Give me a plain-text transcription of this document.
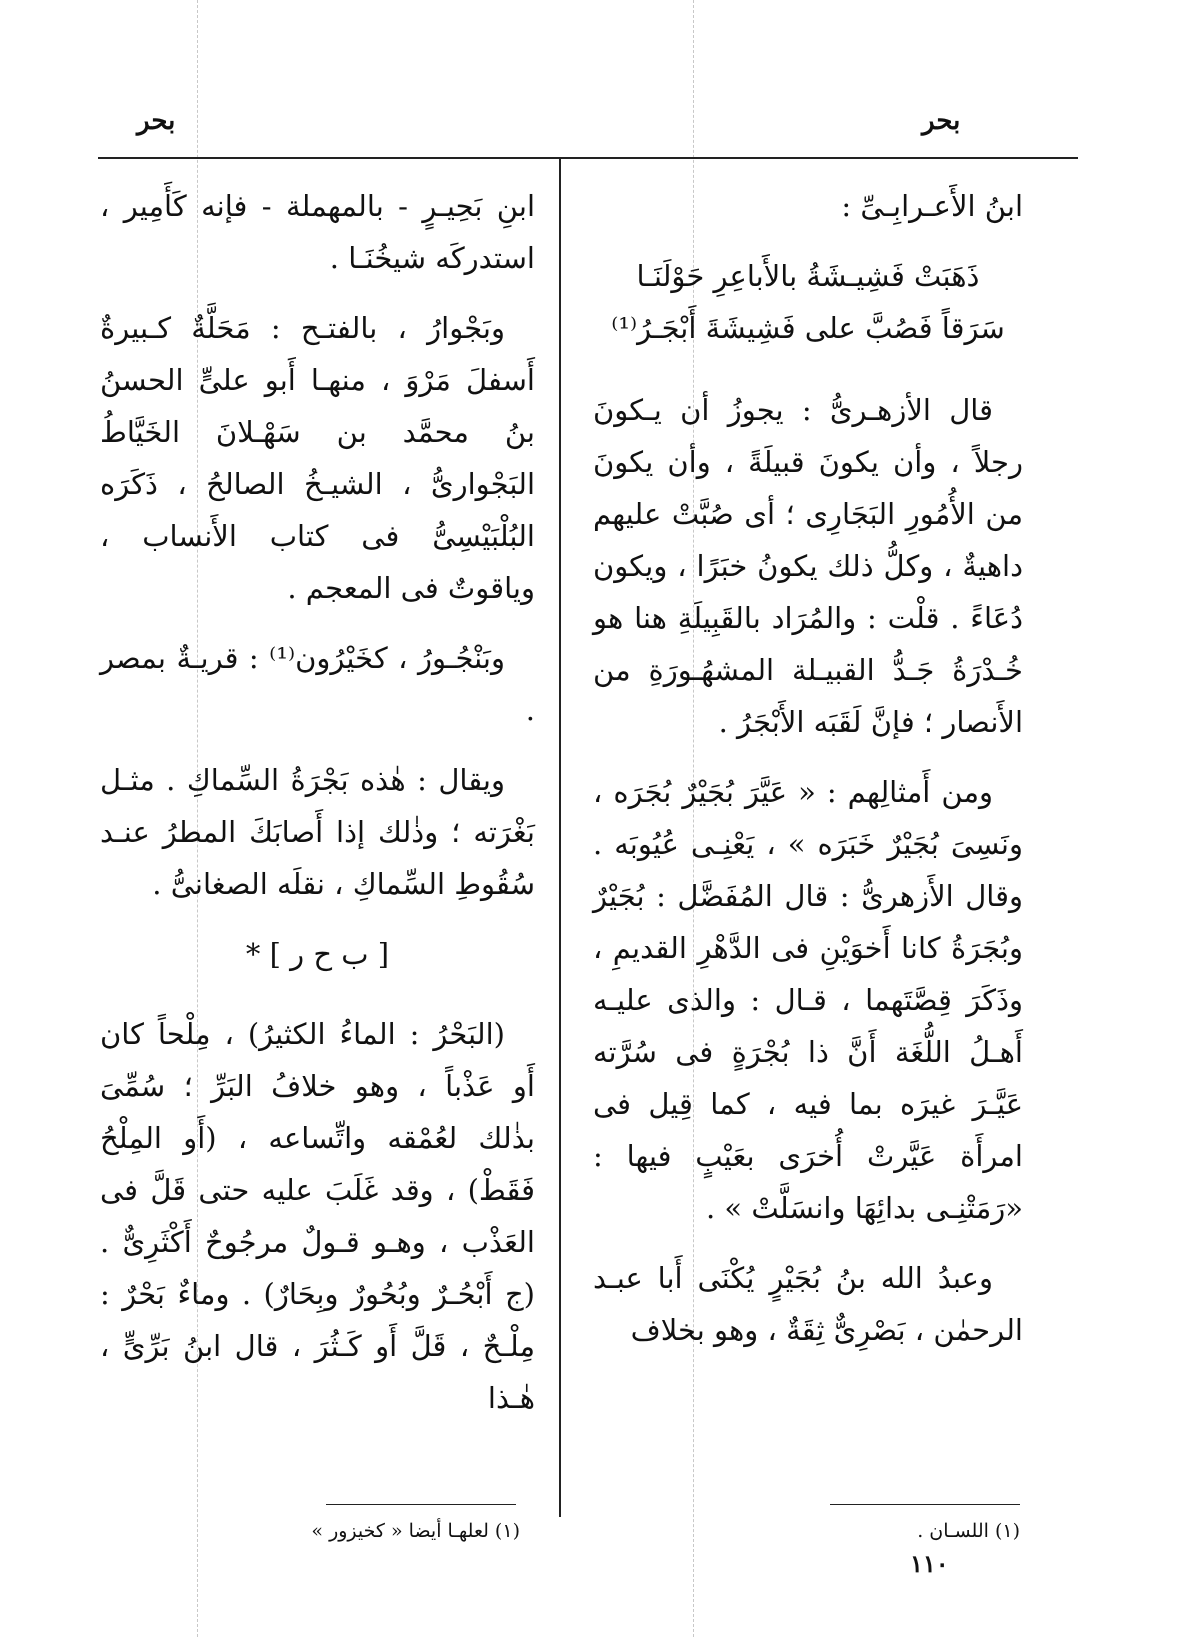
بحر
بحر

ابنُ الأَعـرابِـىِّ :

ذَهَبَتْ فَشِيـشَةُ بالأَباعِرِ حَوْلَنَـا

سَرَقاً فَصُبَّ على فَشِيشَةَ أَبْجَـرُ⁽¹⁾

قال الأزهـرىُّ : يجوزُ أن يـكونَ رجلاً ، وأن يكونَ قبيلَةً ، وأن يكونَ من الأُمُورِ البَجَارِى ؛ أى صُبَّتْ عليهم داهيةٌ ، وكلُّ ذلك يكونُ خبَرًا ، ويكون دُعَاءً . قلْت : والمُرَاد بالقَبِيلَةِ هنا هو خُـدْرَةُ جَـدُّ القبيـلة المشهُـورَةِ من الأَنصار ؛ فإنَّ لَقَبَه الأَبْجَرُ .

ومن أَمثالِهم : « عَيَّرَ بُجَيْرٌ بُجَرَه ، ونَسِىَ بُجَيْرٌ خَبَرَه » ، يَعْنِـى عُيُوبَه . وقال الأَزهرىُّ : قال المُفَضَّل : بُجَيْرٌ وبُجَرَةُ كانا أَخوَيْنِ فى الدَّهْرِ القديمِ ، وذَكَرَ قِصَّتَهما ، قـال : والذى عليـه أَهـلُ اللُّغَة أَنَّ ذا بُجْرَةٍ فى سُرَّته عَيَّـرَ غيرَه بما فيه ، كما قِيل فى امرأَة عَيَّرتْ أُخرَى بعَيْبٍ فيها : «رَمَتْنِـى بدائِهَا وانسَلَّتْ » .

وعبدُ الله بنُ بُجَيْرٍ يُكْنَى أَبا عبـد الرحمٰن ، بَصْرِىٌّ ثِقَةٌ ، وهو بخلاف

ابنِ بَحِيـرٍ - بالمهملة - فإنه كَأَمِير ، استدركَه شيخُنَـا .

وبَجْوارُ ، بالفتـح : مَحَلَّةٌ كـبيرةٌ أَسفلَ مَرْوَ ، منهـا أَبو علىٍّ الحسنُ بنُ محمَّد بن سَهْـلانَ الخَيَّاطُ البَجْوارىُّ ، الشيـخُ الصالحُ ، ذَكَرَه البُلْبَيْسِىُّ فى كتاب الأَنساب ، وياقوتٌ فى المعجم .

وبَنْجُـورُ ، كخَيْرُون⁽¹⁾ : قريـةٌ بمصر .

ويقال : هٰذه بَجْرَةُ السِّماكِ . مثـل بَغْرَته ؛ وذٰلك إذا أَصابَكَ المطرُ عنـد سُقُوطِ السِّماكِ ، نقلَه الصغانىُّ .

[ ب ح ر ] *

(البَحْرُ : الماءُ الكثيرُ) ، مِلْحاً كان أَو عَذْباً ، وهو خلافُ البَرِّ ؛ سُمِّىَ بذٰلك لعُمْقه واتِّساعه ، (أَو المِلْحُ فَقَطْ) ، وقد غَلَبَ عليه حتى قَلَّ فى العَذْب ، وهـو قـولٌ مرجُوحٌ أَكْثَرِىٌّ . (ج أَبْحُـرٌ وبُحُورٌ وبِحَارٌ) . وماءٌ بَحْرٌ : مِلْـحٌ ، قَلَّ أَو كَـثُرَ ، قال ابنُ بَرِّىٍّ ، هٰـذا

(١) اللسـان .
(١) لعلهـا أيضا « كخيزور »
١١٠
